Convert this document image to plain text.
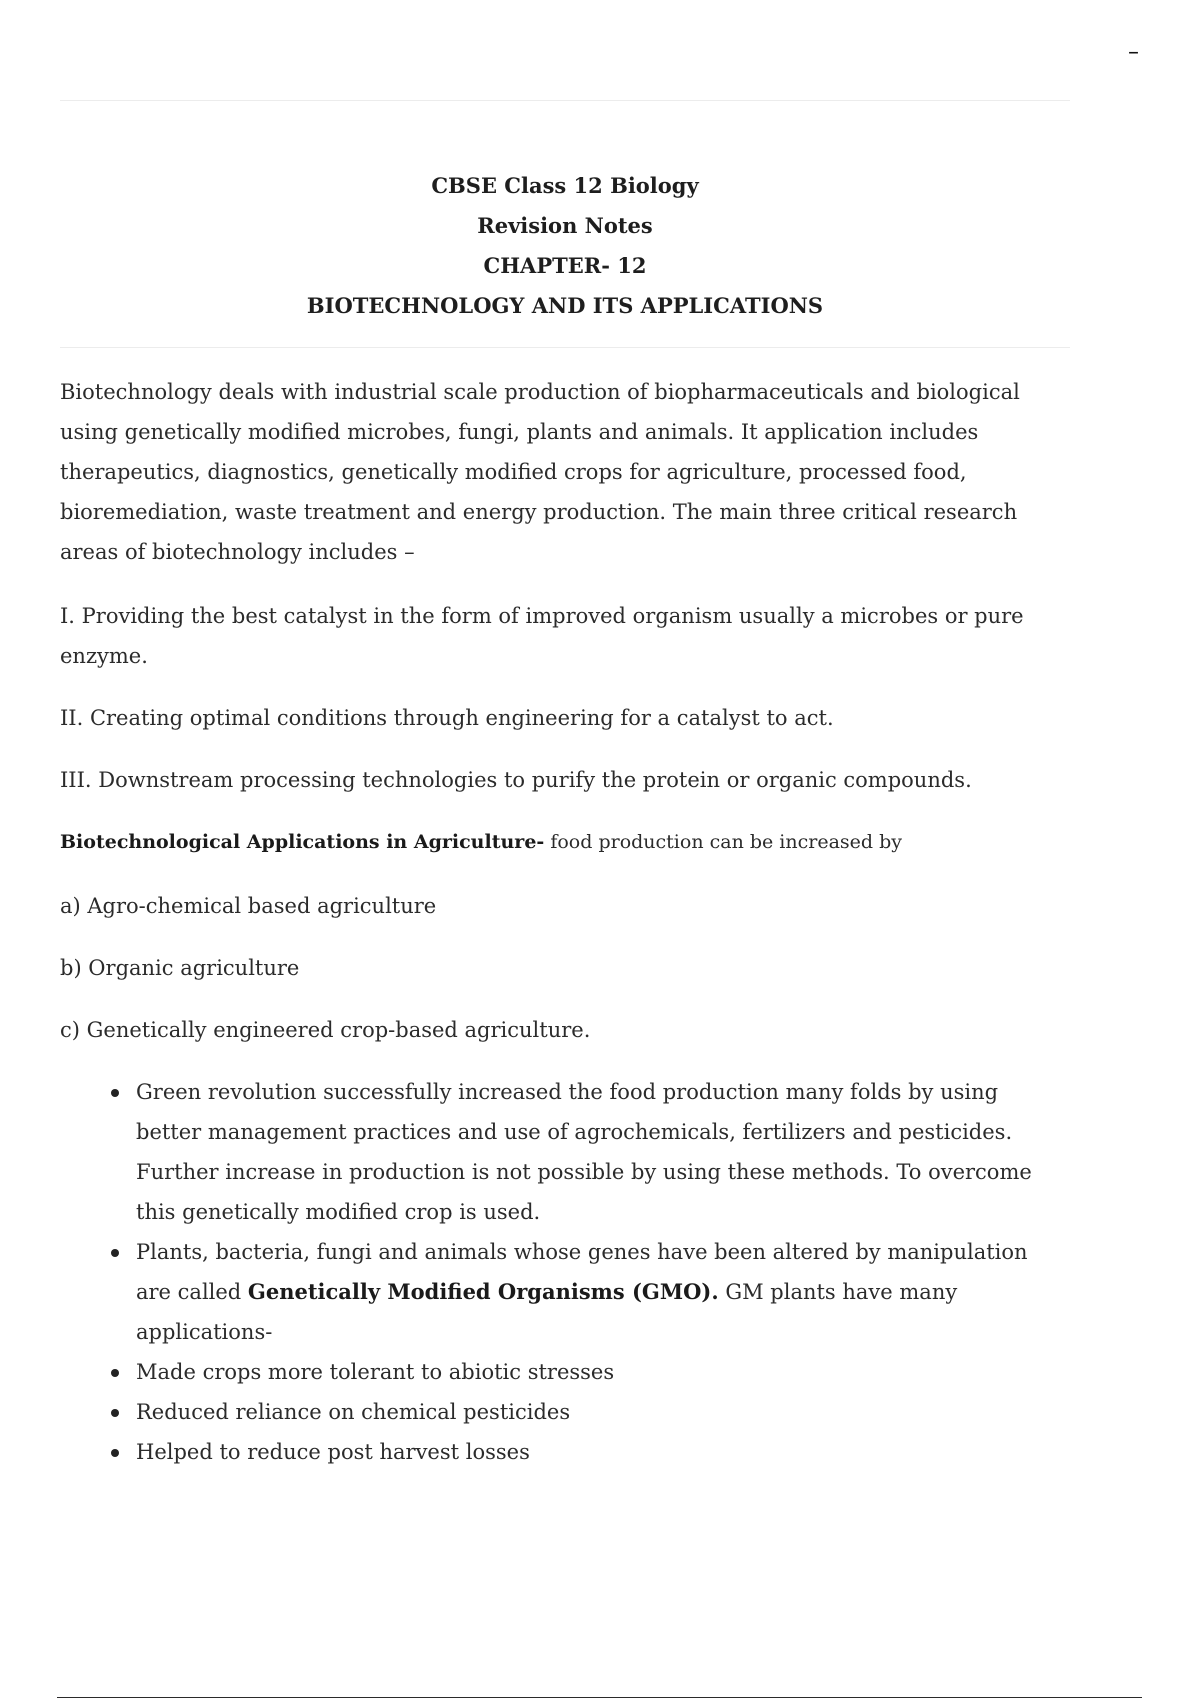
–
CBSE Class 12 Biology
Revision Notes
CHAPTER- 12
BIOTECHNOLOGY AND ITS APPLICATIONS

Biotechnology deals with industrial scale production of biopharmaceuticals and biological using genetically modified microbes, fungi, plants and animals. It application includes therapeutics, diagnostics, genetically modified crops for agriculture, processed food, bioremediation, waste treatment and energy production. The main three critical research areas of biotechnology includes –

I. Providing the best catalyst in the form of improved organism usually a microbes or pure enzyme.

II. Creating optimal conditions through engineering for a catalyst to act.

III. Downstream processing technologies to purify the protein or organic compounds.

Biotechnological Applications in Agriculture- food production can be increased by

a) Agro-chemical based agriculture

b) Organic agriculture

c) Genetically engineered crop-based agriculture.

Green revolution successfully increased the food production many folds by using better management practices and use of agrochemicals, fertilizers and pesticides. Further increase in production is not possible by using these methods. To overcome this genetically modified crop is used.
Plants, bacteria, fungi and animals whose genes have been altered by manipulation are called Genetically Modified Organisms (GMO). GM plants have many applications-
Made crops more tolerant to abiotic stresses
Reduced reliance on chemical pesticides
Helped to reduce post harvest losses
